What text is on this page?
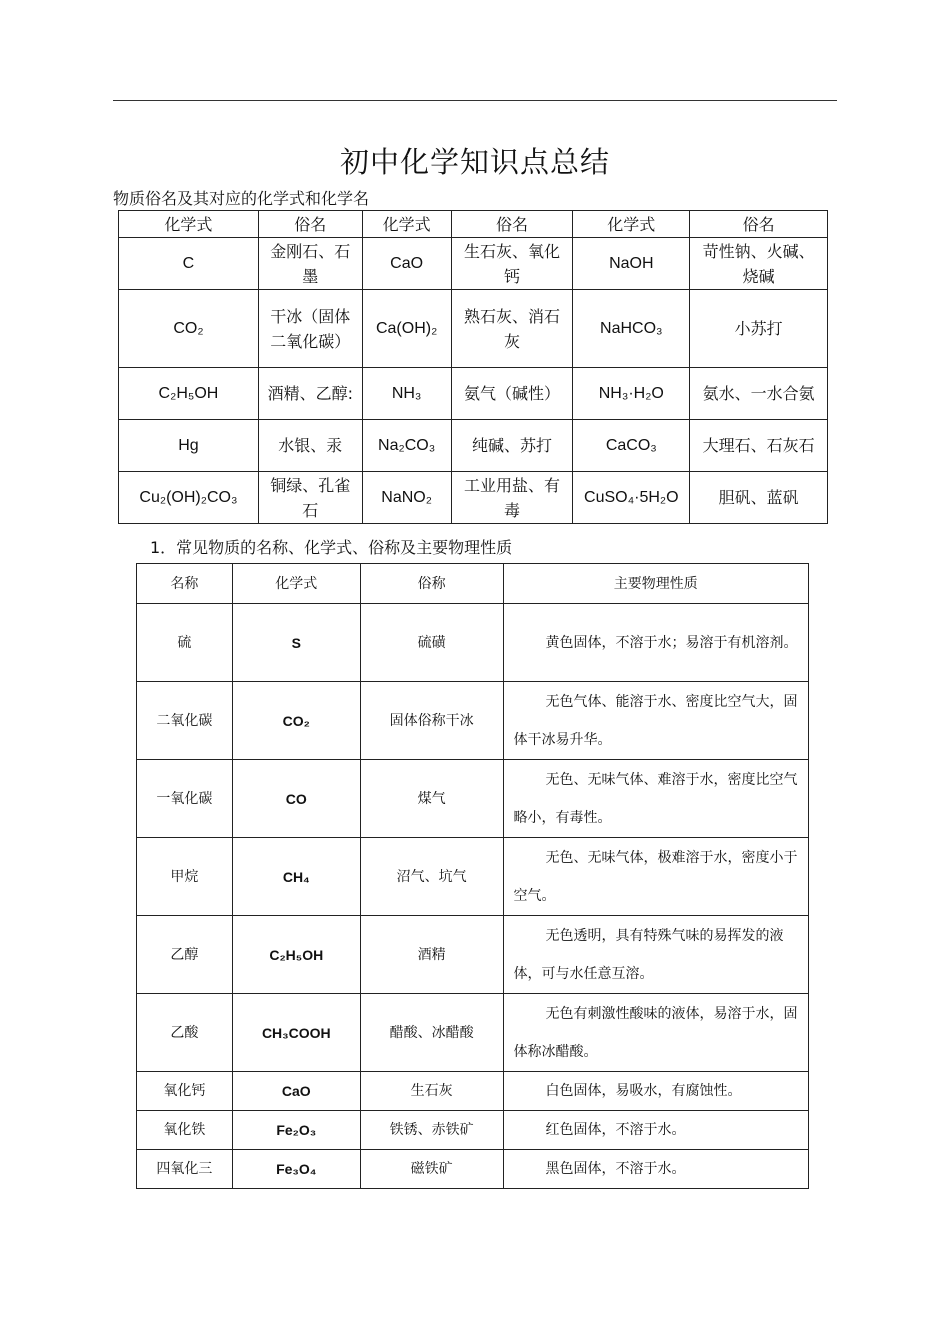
初中化学知识点总结
物质俗名及其对应的化学式和化学名
化学式	俗名	化学式	俗名	化学式	俗名
C	金刚石、石墨	CaO	生石灰、氧化钙	NaOH	苛性钠、火碱、烧碱
CO₂	干冰（固体二氧化碳）	Ca(OH)₂	熟石灰、消石灰	NaHCO₃	小苏打
C₂H₅OH	酒精、乙醇:	NH₃	氨气（碱性）	NH₃·H₂O	氨水、一水合氨
Hg	水银、汞	Na₂CO₃	纯碱、苏打	CaCO₃	大理石、石灰石
Cu₂(OH)₂CO₃	铜绿、孔雀石	NaNO₂	工业用盐、有毒	CuSO₄·5H₂O	胆矾、蓝矾
1．常见物质的名称、化学式、俗称及主要物理性质
名称	化学式	俗称	主要物理性质
硫	S	硫磺	黄色固体，不溶于水；易溶于有机溶剂。
二氧化碳	CO₂	固体俗称干冰	无色气体、能溶于水、密度比空气大，固体干冰易升华。
一氧化碳	CO	煤气	无色、无味气体、难溶于水，密度比空气略小，有毒性。
甲烷	CH₄	沼气、坑气	无色、无味气体，极难溶于水，密度小于空气。
乙醇	C₂H₅OH	酒精	无色透明，具有特殊气味的易挥发的液体，可与水任意互溶。
乙酸	CH₃COOH	醋酸、冰醋酸	无色有刺激性酸味的液体，易溶于水，固体称冰醋酸。
氧化钙	CaO	生石灰	白色固体，易吸水，有腐蚀性。
氧化铁	Fe₂O₃	铁锈、赤铁矿	红色固体，不溶于水。
四氧化三	Fe₃O₄	磁铁矿	黑色固体，不溶于水。
